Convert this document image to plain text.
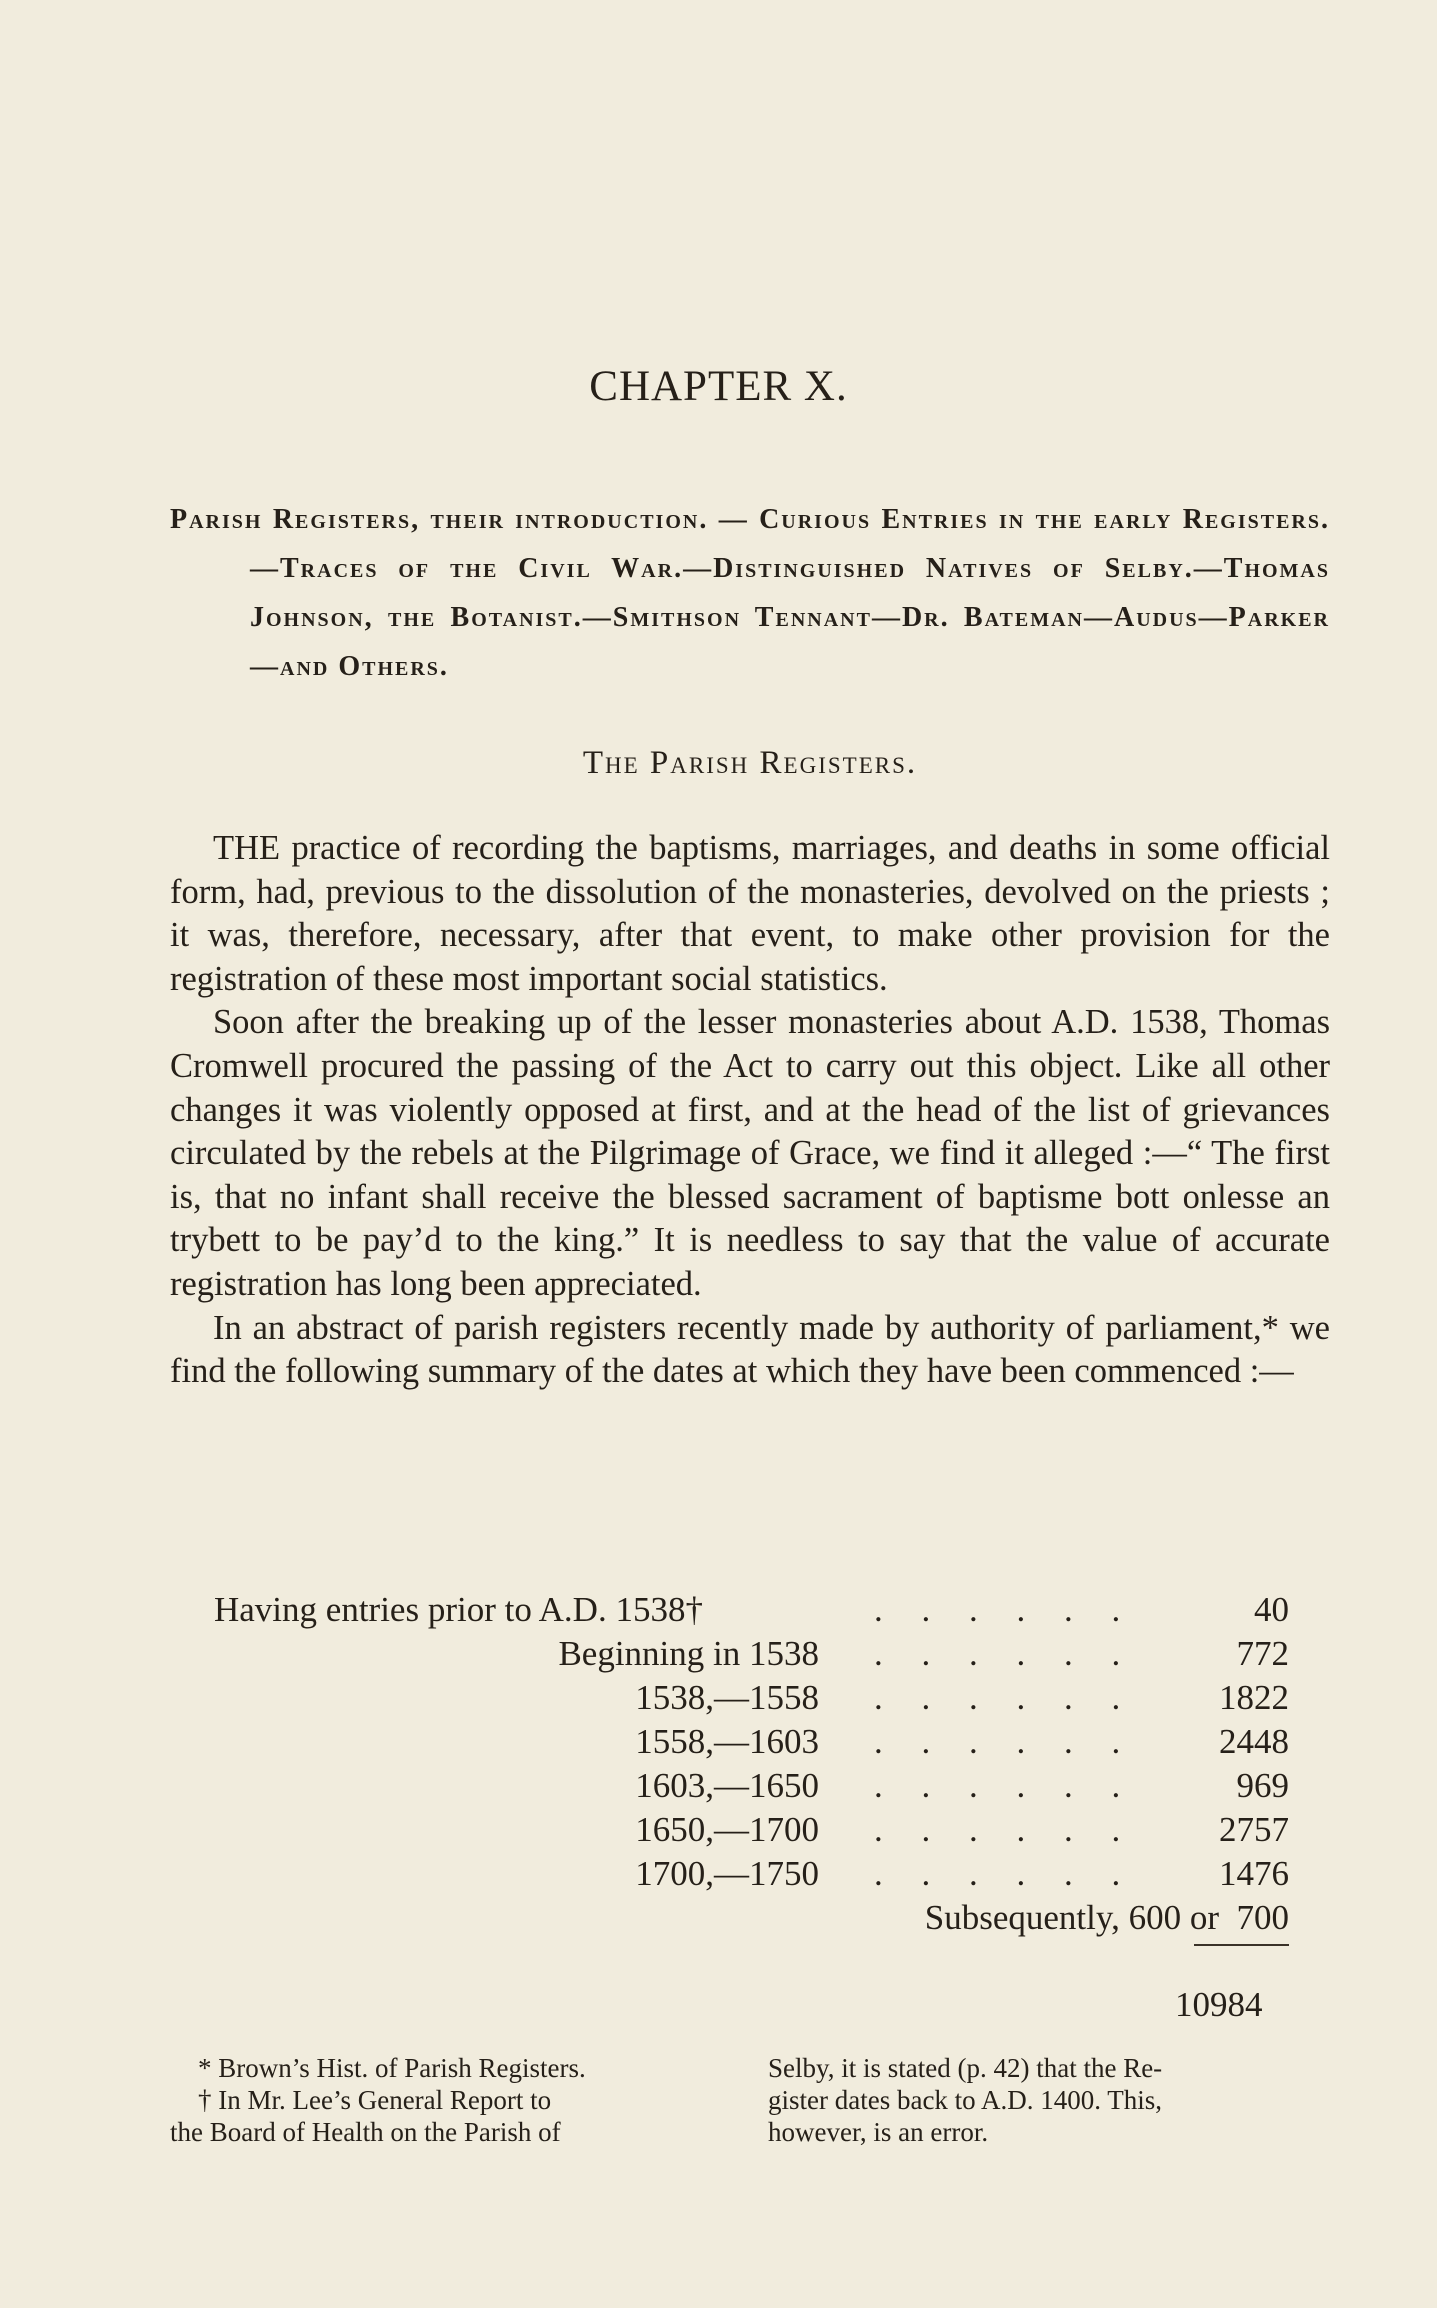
CHAPTER X.
Parish Registers, their introduction. — Curious Entries in the early Registers.—Traces of the Civil War.—Distinguished Natives of Selby.—Thomas Johnson, the Botanist.—Smithson Tennant—Dr. Bateman—Audus—Parker—and Others.
The Parish Registers.

THE practice of recording the baptisms, marriages, and deaths in some official form, had, previous to the dissolution of the monasteries, devolved on the priests ; it was, therefore, necessary, after that event, to make other provision for the registration of these most important social statistics.

Soon after the breaking up of the lesser monasteries about A.D. 1538, Thomas Cromwell procured the passing of the Act to carry out this object. Like all other changes it was violently opposed at first, and at the head of the list of grievances circulated by the rebels at the Pilgrimage of Grace, we find it alleged :—“ The first is, that no infant shall receive the blessed sacrament of baptisme bott onlesse an trybett to be pay’d to the king.” It is needless to say that the value of accurate registration has long been appreciated.

In an abstract of parish registers recently made by authority of parliament,* we find the following summary of the dates at which they have been commenced :—

Having entries prior to A.D. 1538†	. . . . . .	40
Beginning in 1538 . . . . . .	772
1538,—1558 . . . . . . 1822
1558,—1603 . . . . . . 2448
1603,—1650 . . . . . .	969
1650,—1700 . . . . . . 2757
1700,—1750 . . . . . . 1476
Subsequently, 600 or 700
10984
* Brown’s Hist. of Parish Registers.
† In Mr. Lee’s General Report to
the Board of Health on the Parish of
Selby, it is stated (p. 42) that the Re-
gister dates back to A.D. 1400. This,
however, is an error.
